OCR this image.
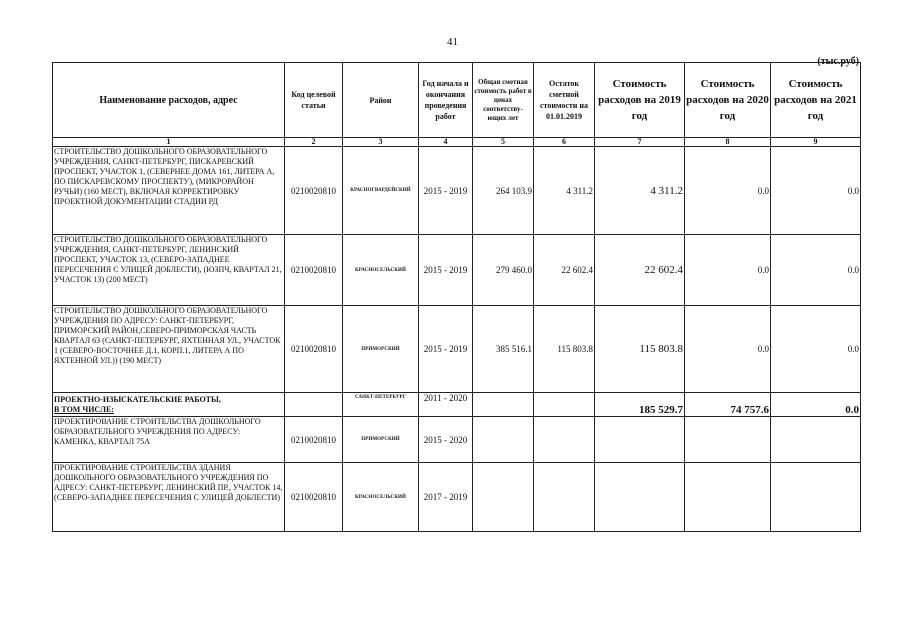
41
(тыс.руб)
Наименование расходов, адрес	Код целевой статьи	Район	Год начала и окончания проведения работ	Общая сметная стоимость работ в ценах соответству-ющих лет	Остаток сметной стоимости на 01.01.2019	Стоимость расходов на 2019 год	Стоимость расходов на 2020 год	Стоимость расходов на 2021 год
1	2	3	4	5	6	7	8	9
СТРОИТЕЛЬСТВО ДОШКОЛЬНОГО ОБРАЗОВАТЕЛЬНОГО УЧРЕЖДЕНИЯ, САНКТ-ПЕТЕРБУРГ, ПИСКАРЕВСКИЙ ПРОСПЕКТ, УЧАСТОК 1, (СЕВЕРНЕЕ ДОМА 161, ЛИТЕРА А, ПО ПИСКАРЕВСКОМУ ПРОСПЕКТУ), (МИКРОРАЙОН РУЧЬИ) (160 МЕСТ), ВКЛЮЧАЯ КОРРЕКТИРОВКУ ПРОЕКТНОЙ ДОКУМЕНТАЦИИ СТАДИИ РД	0210020810	КРАСНОГВАРДЕЙСКИЙ	2015 - 2019	264 103.9	4 311.2	4 311.2	0.0	0.0
СТРОИТЕЛЬСТВО ДОШКОЛЬНОГО ОБРАЗОВАТЕЛЬНОГО УЧРЕЖДЕНИЯ, САНКТ-ПЕТЕРБУРГ, ЛЕНИНСКИЙ ПРОСПЕКТ, УЧАСТОК 13, (СЕВЕРО-ЗАПАДНЕЕ ПЕРЕСЕЧЕНИЯ С УЛИЦЕЙ ДОБЛЕСТИ), (ЮЗПЧ, КВАРТАЛ 21, УЧАСТОК 13) (200 МЕСТ)	0210020810	КРАСНОСЕЛЬСКИЙ	2015 - 2019	279 460.0	22 602.4	22 602.4	0.0	0.0
СТРОИТЕЛЬСТВО ДОШКОЛЬНОГО ОБРАЗОВАТЕЛЬНОГО УЧРЕЖДЕНИЯ ПО АДРЕСУ: САНКТ-ПЕТЕРБУРГ, ПРИМОРСКИЙ РАЙОН,СЕВЕРО-ПРИМОРСКАЯ ЧАСТЬ КВАРТАЛ 63 (САНКТ-ПЕТЕРБУРГ, ЯХТЕННАЯ УЛ., УЧАСТОК 1 (СЕВЕРО-ВОСТОЧНЕЕ Д.1, КОРП.1, ЛИТЕРА А ПО ЯХТЕННОЙ УЛ.)) (190 МЕСТ)	0210020810	ПРИМОРСКИЙ	2015 - 2019	385 516.1	115 803.8	115 803.8	0.0	0.0

ПРОЕКТНО-ИЗЫСКАТЕЛЬСКИЕ РАБОТЫ,
В ТОМ ЧИСЛЕ:		САНКТ-ПЕТЕРБУРГ	2011 - 2020			185 529.7	74 757.6	0.0
ПРОЕКТИРОВАНИЕ СТРОИТЕЛЬСТВА ДОШКОЛЬНОГО ОБРАЗОВАТЕЛЬНОГО УЧРЕЖДЕНИЯ ПО АДРЕСУ: КАМЕНКА, КВАРТАЛ 75А	0210020810	ПРИМОРСКИЙ	2015 - 2020					
ПРОЕКТИРОВАНИЕ СТРОИТЕЛЬСТВА ЗДАНИЯ ДОШКОЛЬНОГО ОБРАЗОВАТЕЛЬНОГО УЧРЕЖДЕНИЯ ПО АДРЕСУ: САНКТ-ПЕТЕРБУРГ, ЛЕНИНСКИЙ ПР., УЧАСТОК 14, (СЕВЕРО-ЗАПАДНЕЕ ПЕРЕСЕЧЕНИЯ С УЛИЦЕЙ ДОБЛЕСТИ)	0210020810	КРАСНОСЕЛЬСКИЙ	2017 - 2019					
